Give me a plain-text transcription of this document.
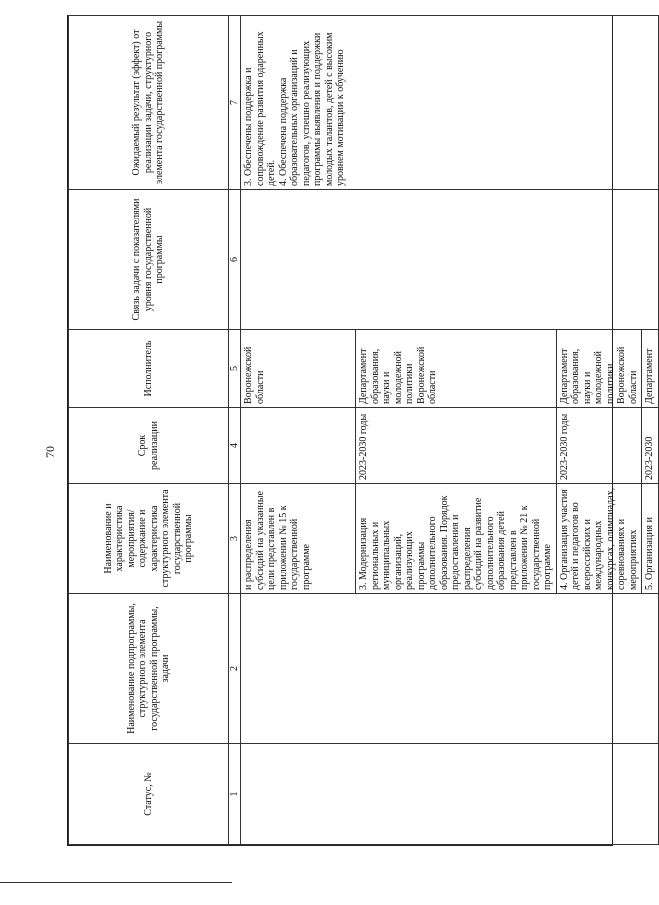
70
Статус, №	Наименование подпрограммы, структурного элемента государственной программы, задачи	Наименование и характеристика мероприятия/содержание и характеристика структурного элемента государственной программы	Срок реализации	Исполнитель	Связь задачи с показателями уровня государственной программы	Ожидаемый результат (эффект) от реализации задачи, структурного элемента государственной программы
1	2	3	4	5	6	7
		и распределения субсидий на указанные цели представлен в приложении № 15 к государственной программе		Воронежской области		3. Обеспечены поддержка и сопровождение развития одаренных детей.
4. Обеспечена поддержка образовательных организаций и педагогов, успешно реализующих программы выявления и поддержки молодых талантов, детей с высоким уровнем мотивации к обучению
		3. Модернизация региональных и муниципальных организаций, реализующих программы дополнительного образования. Порядок предоставления и распределения субсидий на развитие дополнительного образования детей представлен в приложении № 21 к государственной программе	2023-2030 годы	Департамент образования, науки и молодежной политики Воронежской области		
		4. Организация участия детей и педагогов во всероссийских и международных конкурсах, олимпиадах, соревнованиях и мероприятиях	2023-2030 годы	Департамент образования, науки и молодежной политики Воронежской области		
		5. Организация и	2023-2030	Департамент		
